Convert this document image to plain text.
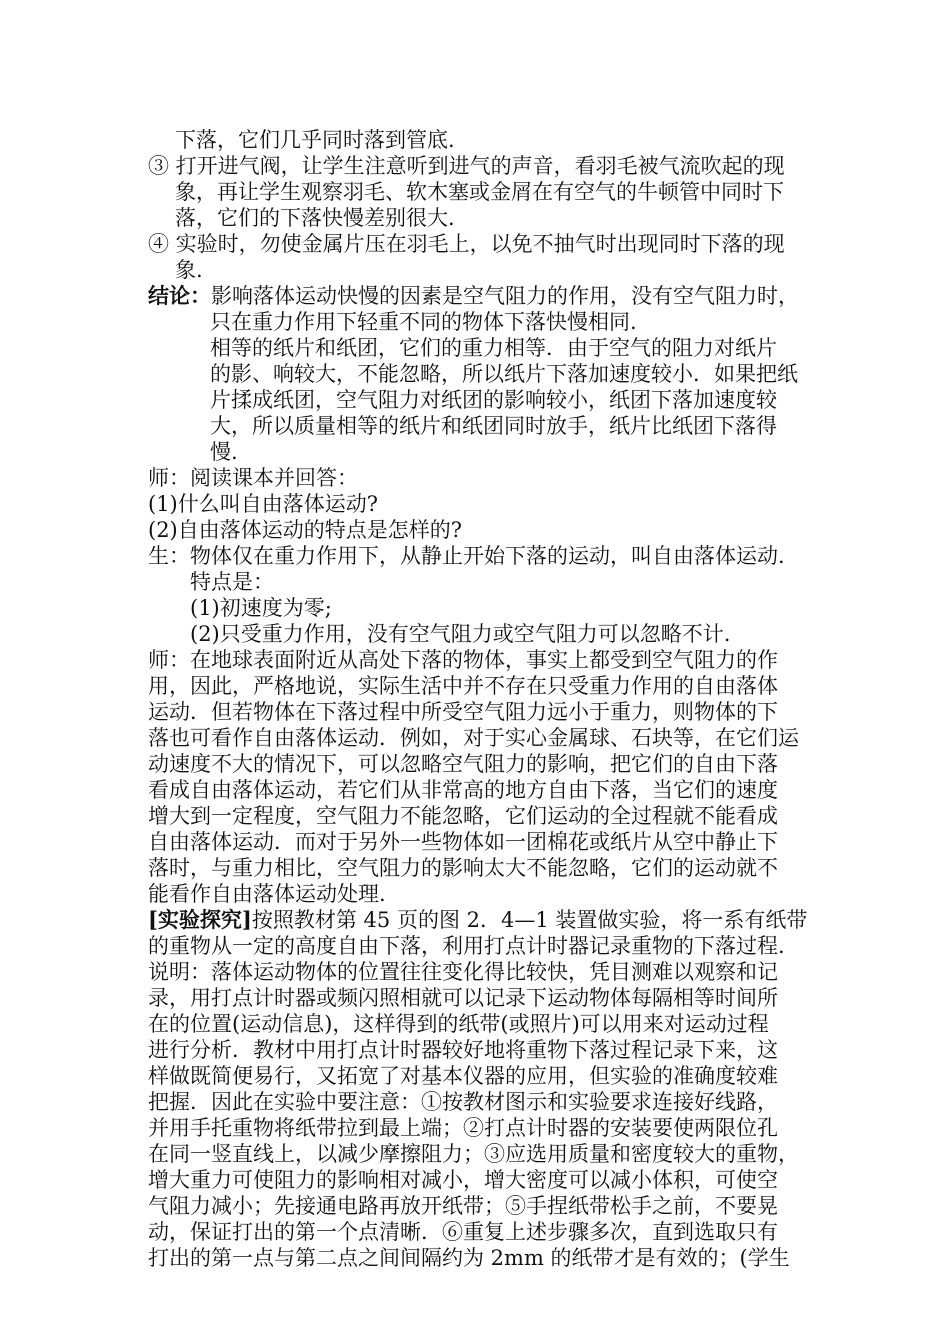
下落，它们几乎同时落到管底.
③ 打开进气阀，让学生注意听到进气的声音，看羽毛被气流吹起的现
象，再让学生观察羽毛、软木塞或金屑在有空气的牛顿管中同时下
落，它们的下落快慢差别很大.
④ 实验时，勿使金属片压在羽毛上，以免不抽气时出现同时下落的现
象.
结论：影响落体运动快慢的因素是空气阻力的作用，没有空气阻力时，
只在重力作用下轻重不同的物体下落快慢相同.
相等的纸片和纸团，它们的重力相等．由于空气的阻力对纸片
的影、响较大，不能忽略，所以纸片下落加速度较小．如果把纸
片揉成纸团，空气阻力对纸团的影响较小，纸团下落加速度较
大，所以质量相等的纸片和纸团同时放手，纸片比纸团下落得
慢.
师：阅读课本并回答：
(1)什么叫自由落体运动?
(2)自由落体运动的特点是怎样的?
生：物体仅在重力作用下，从静止开始下落的运动，叫自由落体运动.
特点是：
(1)初速度为零;
(2)只受重力作用，没有空气阻力或空气阻力可以忽略不计.
师：在地球表面附近从高处下落的物体，事实上都受到空气阻力的作
用，因此，严格地说，实际生活中并不存在只受重力作用的自由落体
运动．但若物体在下落过程中所受空气阻力远小于重力，则物体的下
落也可看作自由落体运动．例如，对于实心金属球、石块等，在它们运
动速度不大的情况下，可以忽略空气阻力的影响，把它们的自由下落
看成自由落体运动，若它们从非常高的地方自由下落，当它们的速度
增大到一定程度，空气阻力不能忽略，它们运动的全过程就不能看成
自由落体运动．而对于另外一些物体如一团棉花或纸片从空中静止下
落时，与重力相比，空气阻力的影响太大不能忽略，它们的运动就不
能看作自由落体运动处理.
[实验探究]按照教材第 45 页的图 2．4—1 装置做实验，将一系有纸带
的重物从一定的高度自由下落，利用打点计时器记录重物的下落过程.
说明：落体运动物体的位置往往变化得比较快，凭目测难以观察和记
录，用打点计时器或频闪照相就可以记录下运动物体每隔相等时间所
在的位置(运动信息)，这样得到的纸带(或照片)可以用来对运动过程
进行分析．教材中用打点计时器较好地将重物下落过程记录下来，这
样做既简便易行，又拓宽了对基本仪器的应用，但实验的准确度较难
把握．因此在实验中要注意：①按教材图示和实验要求连接好线路，
并用手托重物将纸带拉到最上端；②打点计时器的安装要使两限位孔
在同一竖直线上，以减少摩擦阻力；③应选用质量和密度较大的重物，
增大重力可使阻力的影响相对减小，增大密度可以减小体积，可使空
气阻力减小；先接通电路再放开纸带；⑤手捏纸带松手之前，不要晃
动，保证打出的第一个点清晰．⑥重复上述步骤多次，直到选取只有
打出的第一点与第二点之间间隔约为 2mm 的纸带才是有效的；(学生
